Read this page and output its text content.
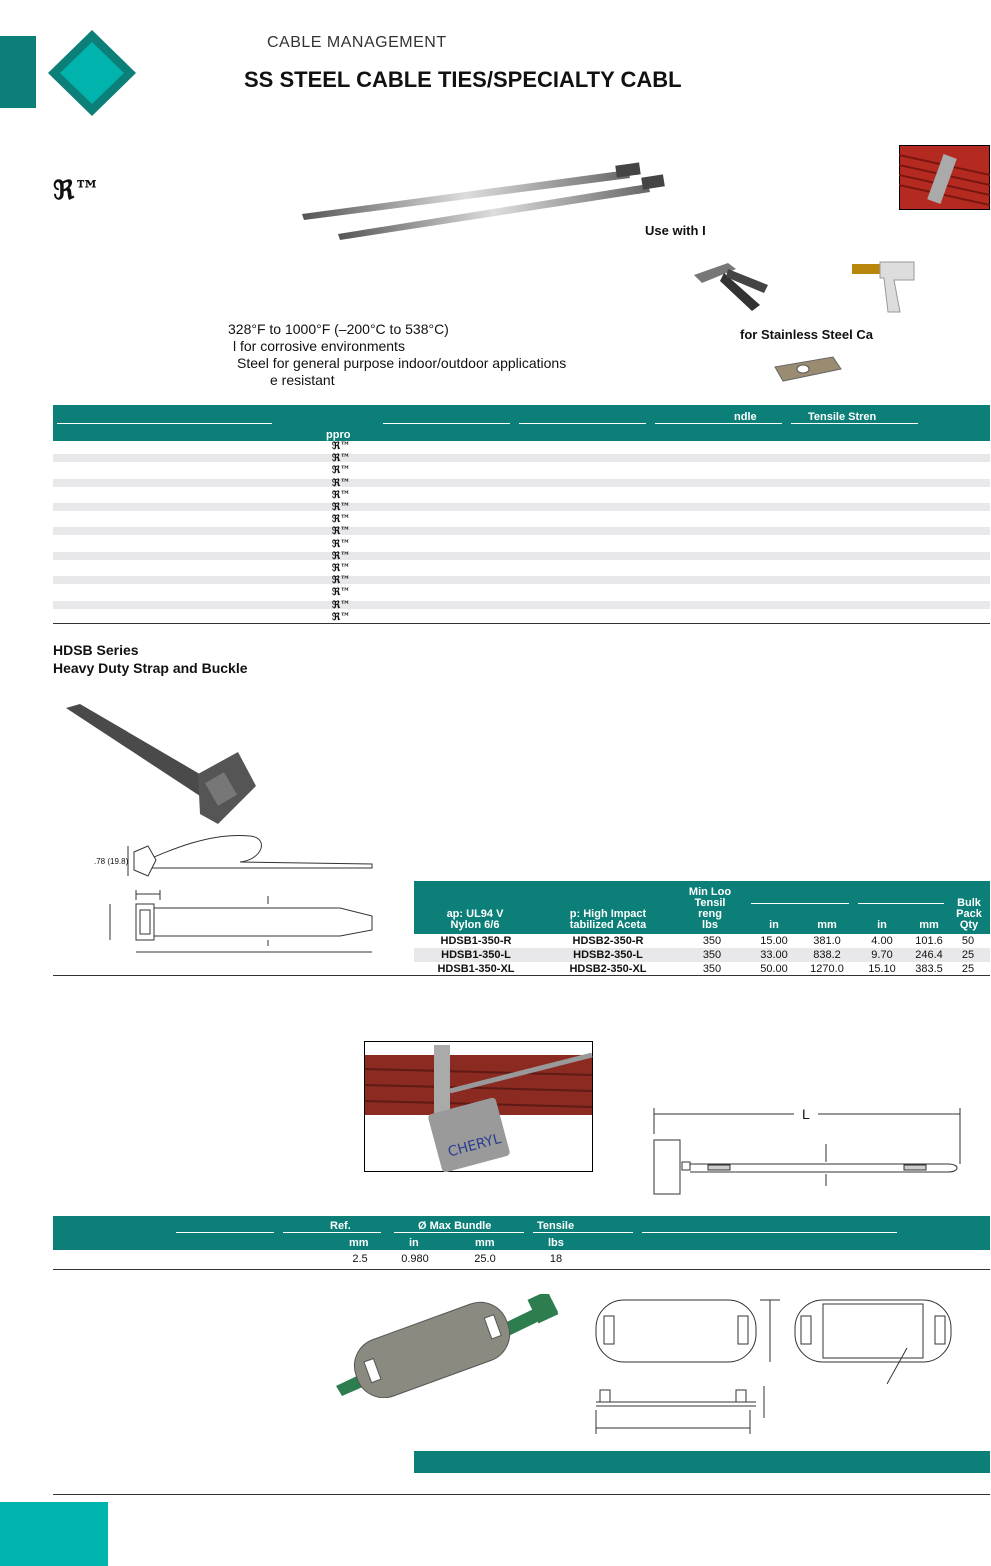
CABLE MANAGEMENT
SS STEEL CABLE TIES/SPECIALTY CABL
ℜ™
Use with I
for Stainless Steel Ca
328°F to 1000°F (–200°C to 538°C)
l for corrosive environments
Steel for general purpose indoor/outdoor applications
e resistant
ndle	Tensile Stren
ppro
ℜ™
ℜ™
ℜ™
ℜ™
ℜ™
ℜ™
ℜ™
ℜ™
ℜ™
ℜ™
ℜ™
ℜ™
ℜ™
ℜ™
ℜ™
HDSB Series
Heavy Duty Strap and Buckle
.78 (19.8)
ap: UL94 V
Nylon 6/6
p: High Impact
tabilized Aceta
Min Loo
Tensil
reng
lbs	in	mm	in	mm
Bulk
Pack
Qty
HDSB1-350-R	HDSB2-350-R	350	15.00	381.0	4.00	101.6	50
HDSB1-350-L	HDSB2-350-L	350	33.00	838.2	9.70	246.4	25
HDSB1-350-XL	HDSB2-350-XL	350	50.00	1270.0	15.10	383.5	25
CHERYL
L
Ref.	Ø Max Bundle	Tensile
mm	in	mm	lbs
2.5	0.980	25.0	18
